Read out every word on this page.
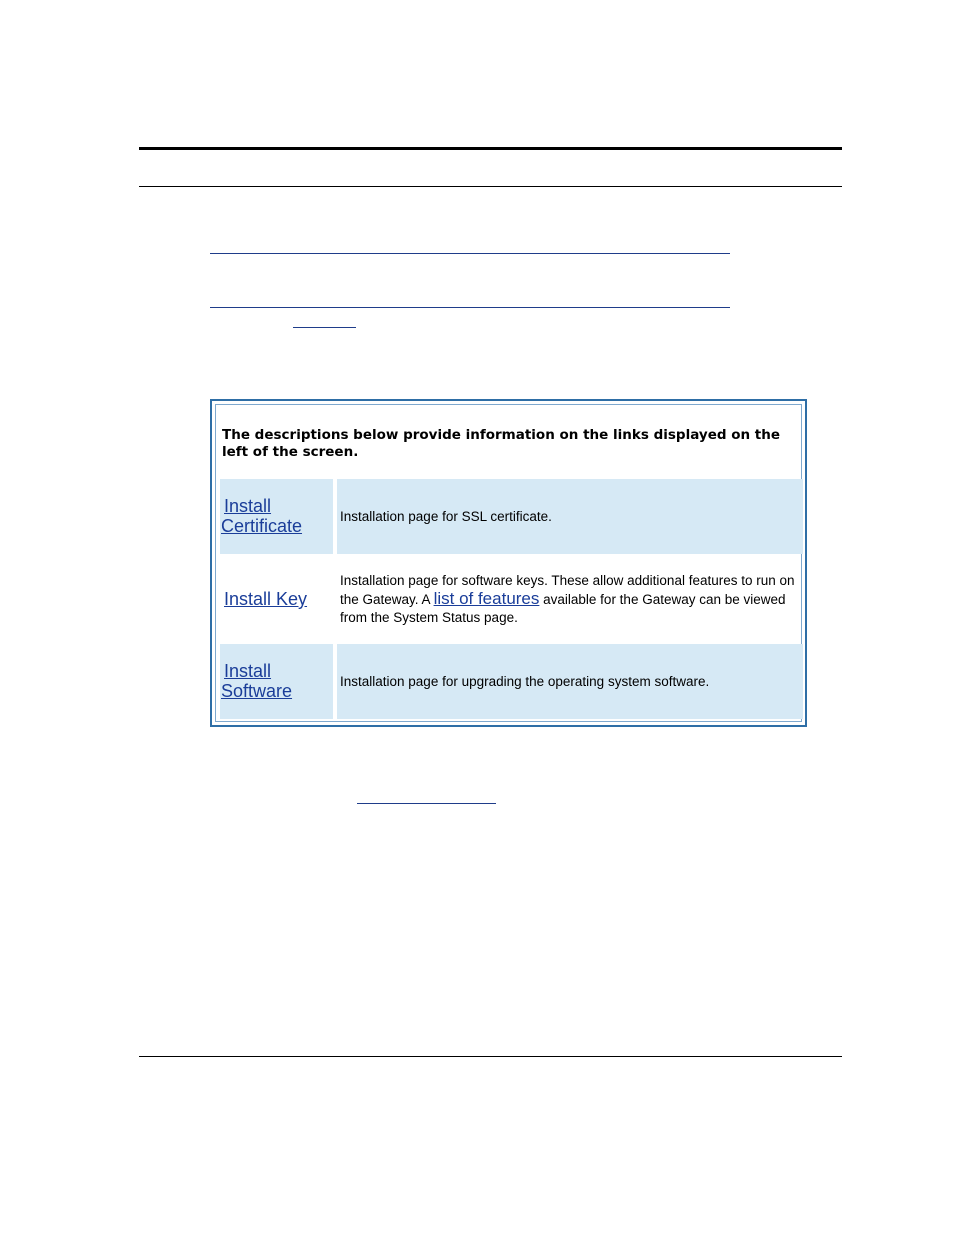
The descriptions below provide information on the links displayed on the left of the screen.
Install
Certificate	Installation page for SSL certificate.
Install Key
Installation page for software keys. These allow additional features to run on the Gateway. A list of features available for the Gateway can be viewed from the System Status page.
Install
Software	Installation page for upgrading the operating system software.
